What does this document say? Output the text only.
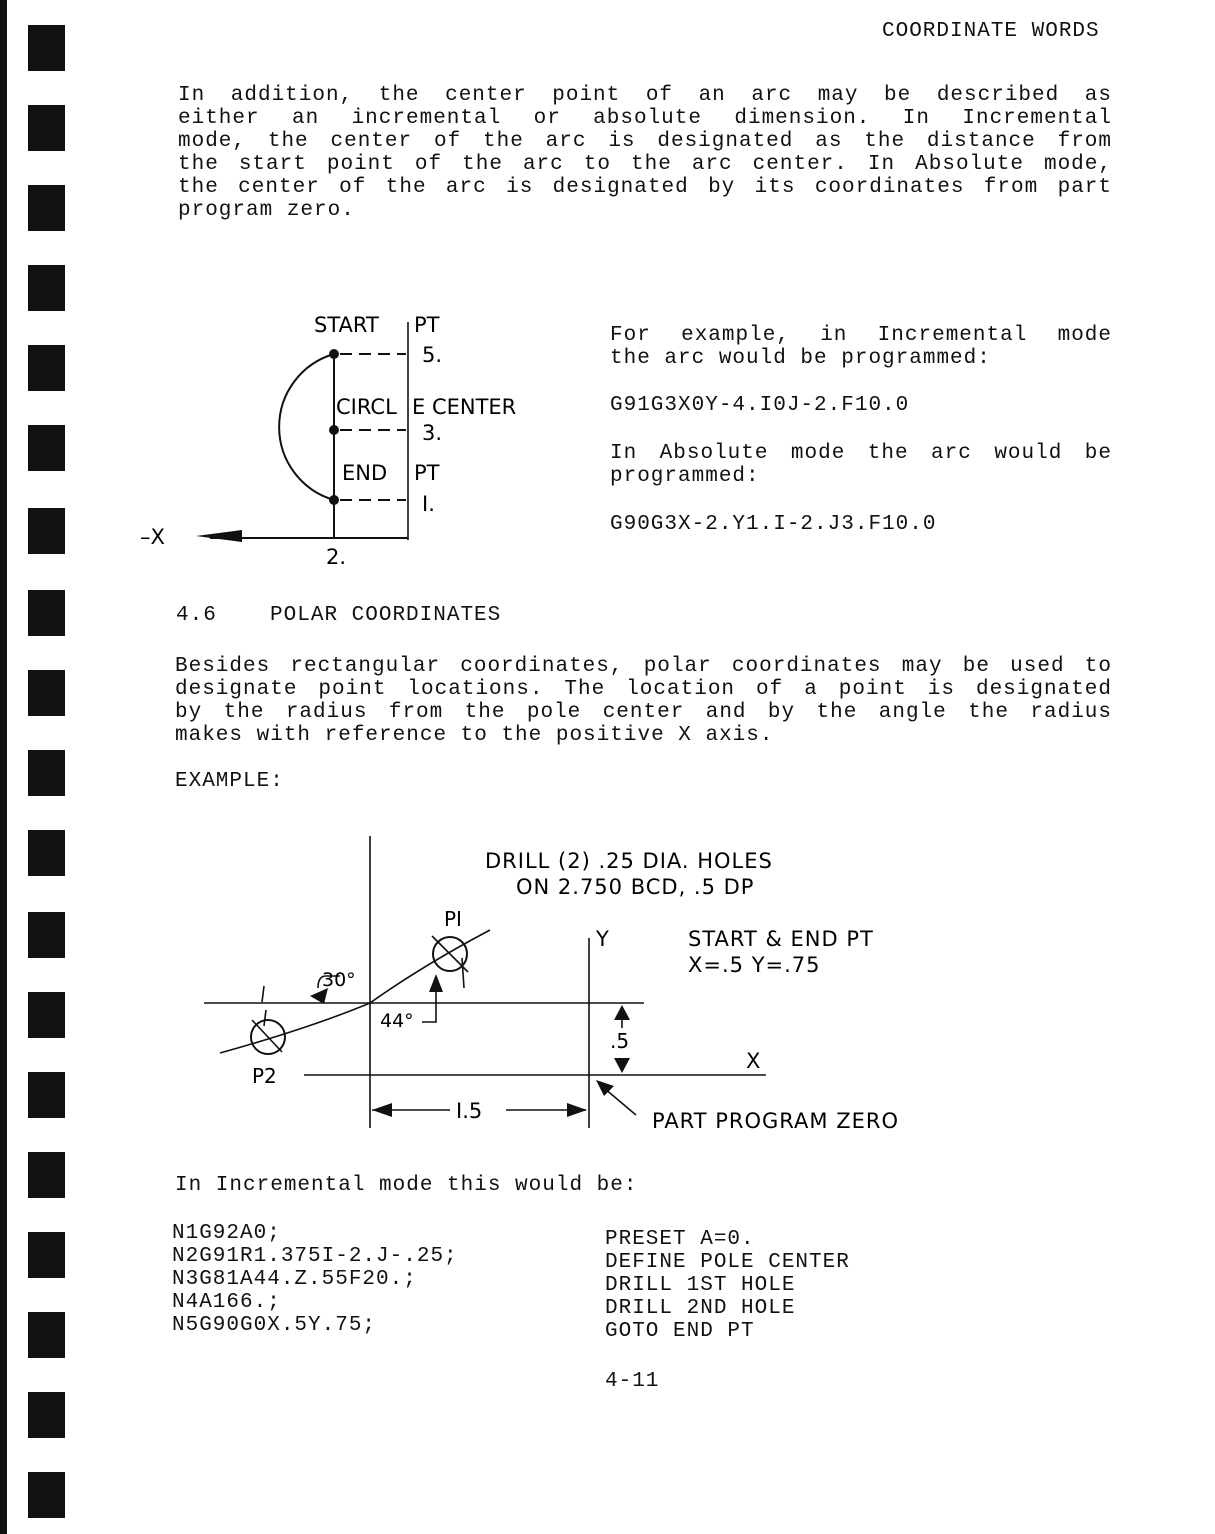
COORDINATE WORDS
In addition, the center point of an arc may be described as
either an incremental or absolute dimension. In Incremental
mode, the center of the arc is designated as the distance from
the start point of the arc to the arc center. In Absolute mode,
the center of the arc is designated by its coordinates from part
program zero.
START PT
5.
CIRCL E CENTER
3.
END PT
I.
2.
–X
For example, in Incremental mode
the arc would be programmed:
G91G3X0Y-4.I0J-2.F10.0
In Absolute mode the arc would be
programmed:
G90G3X-2.Y1.I-2.J3.F10.0
4.6	POLAR COORDINATES
Besides rectangular coordinates, polar coordinates may be used to
designate point locations. The location of a point is designated
by the radius from the pole center and by the angle the radius
makes with reference to the positive X axis.
EXAMPLE:
DRILL (2) .25 DIA. HOLES
ON 2.750 BCD, .5 DP
PI
P2
Y
X
START & END PT
X=.5 Y=.75
30°
44°
.5
I.5	PART PROGRAM ZERO
In Incremental mode this would be:
N1G92A0;
N2G91R1.375I-2.J-.25;
N3G81A44.Z.55F20.;
N4A166.;
N5G90G0X.5Y.75;
PRESET A=0.
DEFINE POLE CENTER
DRILL 1ST HOLE
DRILL 2ND HOLE
GOTO END PT
4-11
